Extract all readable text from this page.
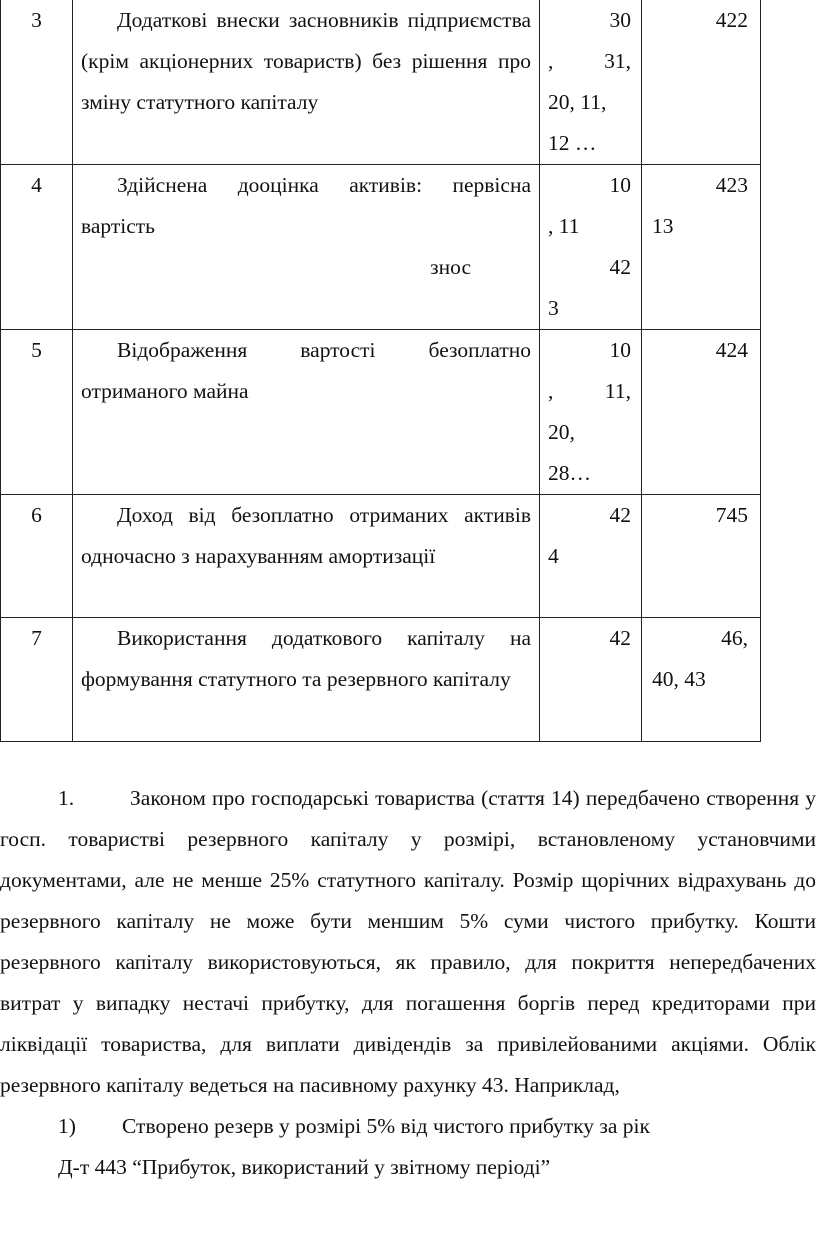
3	Додаткові внески засновників підприємства (крім акціонерних товариств) без рішення про зміну статутного капіталу	30
, 31,
20, 11,
12 …	422

4	Здійснена дооцінка активів: первісна вартість
знос	10
, 11
42
3	423
13

5	Відображення вартості безоплатно отриманого майна	10
, 11,
20,
28…	424

6	Доход від безоплатно отриманих активів одночасно з нарахуванням амортизації	42
4	745

7	Використання додаткового капіталу на формування статутного та резервного капіталу	42	46,
40, 43

1.	Законом про господарські товариства (стаття 14) передбачено створення у госп. товаристві резервного капіталу у розмірі, встановленому установчими документами, але не менше 25% статутного капіталу. Розмір щорічних відрахувань до резервного капіталу не може бути меншим 5% суми чистого прибутку. Кошти резервного капіталу використовуються, як правило, для покриття непередбачених витрат у випадку нестачі прибутку, для погашення боргів перед кредиторами при ліквідації товариства, для виплати дивідендів за привілейованими акціями. Облік резервного капіталу ведеться на пасивному рахунку 43. Наприклад,

1) Створено резерв у розмірі 5% від чистого прибутку за рік

Д-т 443 “Прибуток, використаний у звітному періоді”
